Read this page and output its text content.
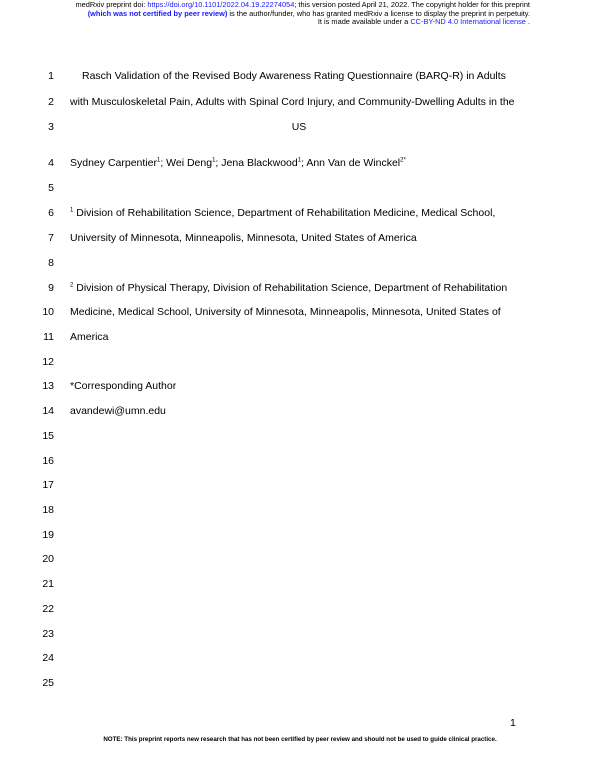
medRxiv preprint doi: https://doi.org/10.1101/2022.04.19.22274054; this version posted April 21, 2022. The copyright holder for this preprint
(which was not certified by peer review) is the author/funder, who has granted medRxiv a license to display the preprint in perpetuity.
It is made available under a CC-BY-ND 4.0 International license .
1	Rasch Validation of the Revised Body Awareness Rating Questionnaire (BARQ-R) in Adults
2 with Musculoskeletal Pain, Adults with Spinal Cord Injury, and Community-Dwelling Adults in the
3	US
4 Sydney Carpentier$^1$; Wei Deng$^1$; Jena Blackwood$^1$; Ann Van de Winckel$^{2*}$
5
6	$^1$ Division of Rehabilitation Science, Department of Rehabilitation Medicine, Medical School,
7 University of Minnesota, Minneapolis, Minnesota, United States of America
8
9	$^2$ Division of Physical Therapy, Division of Rehabilitation Science, Department of Rehabilitation
10 Medicine, Medical School, University of Minnesota, Minneapolis, Minnesota, United States of
11 America
12
13 *Corresponding Author
14 avandewi@umn.edu
15
16
17
18
19
20
21
22
23
24
25
1
NOTE: This preprint reports new research that has not been certified by peer review and should not be used to guide clinical practice.
